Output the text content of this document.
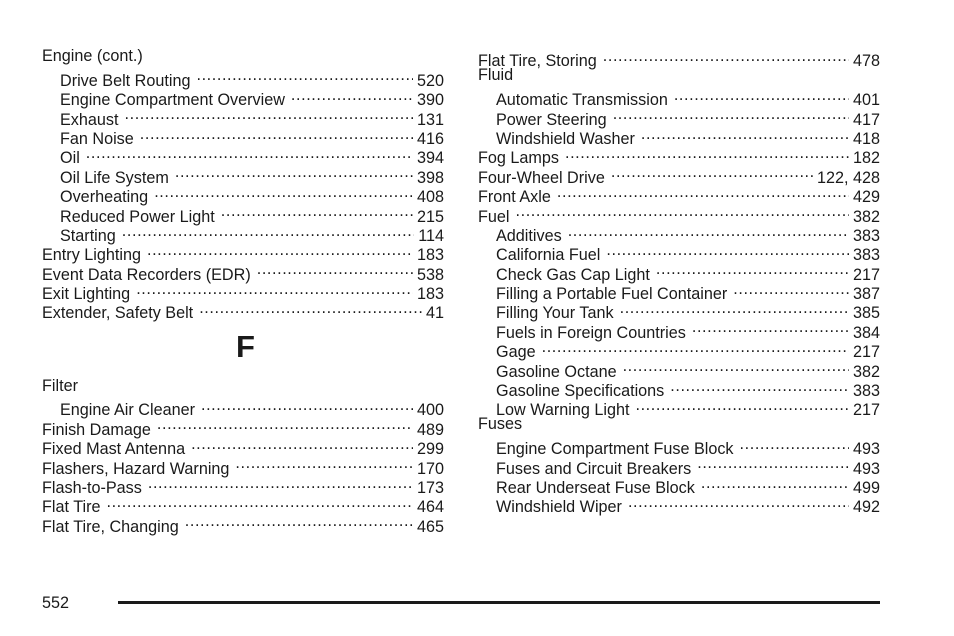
Engine (cont.)
Drive Belt Routing .....	520
Engine Compartment Overview .....	390
Exhaust .....	131
Fan Noise .....	416
Oil .....	394
Oil Life System .....	398
Overheating .....	408
Reduced Power Light .....	215
Starting .....	114
Entry Lighting .....	183
Event Data Recorders (EDR) .....	538
Exit Lighting .....	183
Extender, Safety Belt .....	41
F
Filter
Engine Air Cleaner .....	400
Finish Damage .....	489
Fixed Mast Antenna .....	299
Flashers, Hazard Warning .....	170
Flash-to-Pass .....	173
Flat Tire .....	464
Flat Tire, Changing .....	465
Flat Tire, Storing .....	478
Fluid
Automatic Transmission .....	401
Power Steering .....	417
Windshield Washer .....	418
Fog Lamps .....	182
Four-Wheel Drive .....	122, 428
Front Axle .....	429
Fuel .....	382
Additives .....	383
California Fuel .....	383
Check Gas Cap Light .....	217
Filling a Portable Fuel Container .....	387
Filling Your Tank .....	385
Fuels in Foreign Countries .....	384
Gage .....	217
Gasoline Octane .....	382
Gasoline Specifications .....	383
Low Warning Light .....	217
Fuses
Engine Compartment Fuse Block .....	493
Fuses and Circuit Breakers .....	493
Rear Underseat Fuse Block .....	499
Windshield Wiper .....	492
552
